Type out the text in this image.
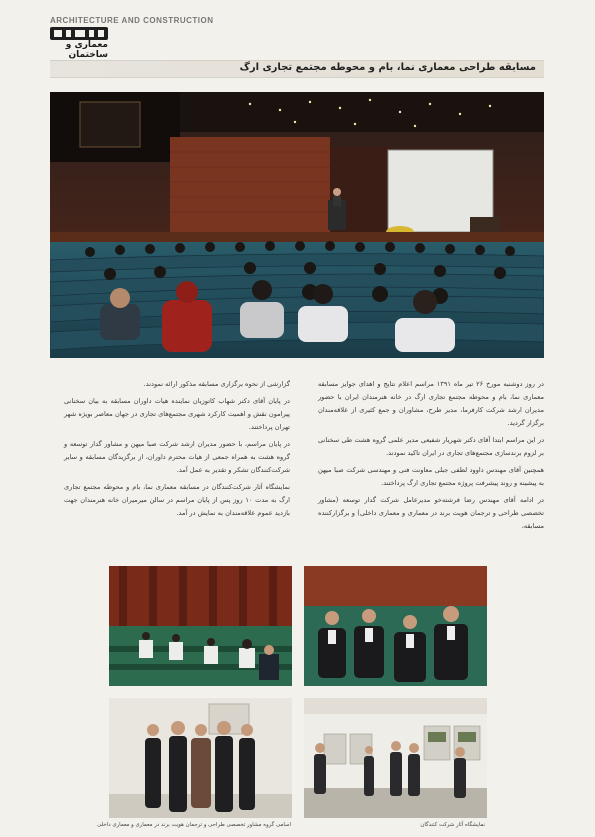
ARCHITECTURE AND CONSTRUCTION
معماری و ساختمان
مسابقه طراحی معماری نما، بام و محوطه مجتمع تجاری ارگ

در روز دوشنبه مورخ ۲۶ تیر ماه ۱۳۹۱ مراسم اعلام نتایج و اهدای جوایز مسابقه معماری نما، بام و محوطه مجتمع تجاری ارگ در خانه هنرمندان ایران با حضور مدیران ارشد شرکت کارفرما، مدیر طرح، مشاوران و جمع کثیری از علاقه‌مندان برگزار گردید.

در این مراسم ابتدا آقای دکتر شهریار شفیعی مدیر علمی گروه هشت طی سخنانی بر لزوم برندسازی مجتمع‌های تجاری در ایران تاکید نمودند.

همچنین آقای مهندس داوود لطفی جبلی معاونت فنی و مهندسی شرکت صبا میهن به پیشینه و روند پیشرفت پروژه مجتمع تجاری ارگ پرداختند.

در ادامه آقای مهندس رضا فرشته‌خو مدیرعامل شرکت گدار توسعه (مشاور تخصصی طراحی و ترجمان هویت برند در معماری و معماری داخلی) و برگزارکننده مسابقه،

گزارشی از نحوه برگزاری مسابقه مذکور ارائه نمودند.

در پایان آقای دکتر شهاب کاتوزیان نماینده هیات داوران مسابقه به بیان سخنانی پیرامون نقش و اهمیت کارکرد شهری مجتمع‌های تجاری در جهان معاصر بویژه شهر تهران پرداختند.

در پایان مراسم، با حضور مدیران ارشد شرکت صبا میهن و مشاور گدار توسعه و گروه هشت به همراه جمعی از هیات محترم داوران، از برگزیدگان مسابقه و سایر شرکت‌کنندگان تشکر و تقدیر به عمل آمد.

نمایشگاه آثار شرکت‌کنندگان در مسابقه معماری نما، بام و محوطه مجتمع تجاری ارگ به مدت ۱۰ روز پس از پایان مراسم در سالن میرمیران خانه هنرمندان جهت بازدید عموم علاقه‌مندان به نمایش در آمد.

اسامی گروه مشاور تخصصی طراحی و ترجمان هویت برند در معماری و معماری داخلی	نمایشگاه آثار شرکت کنندگان
